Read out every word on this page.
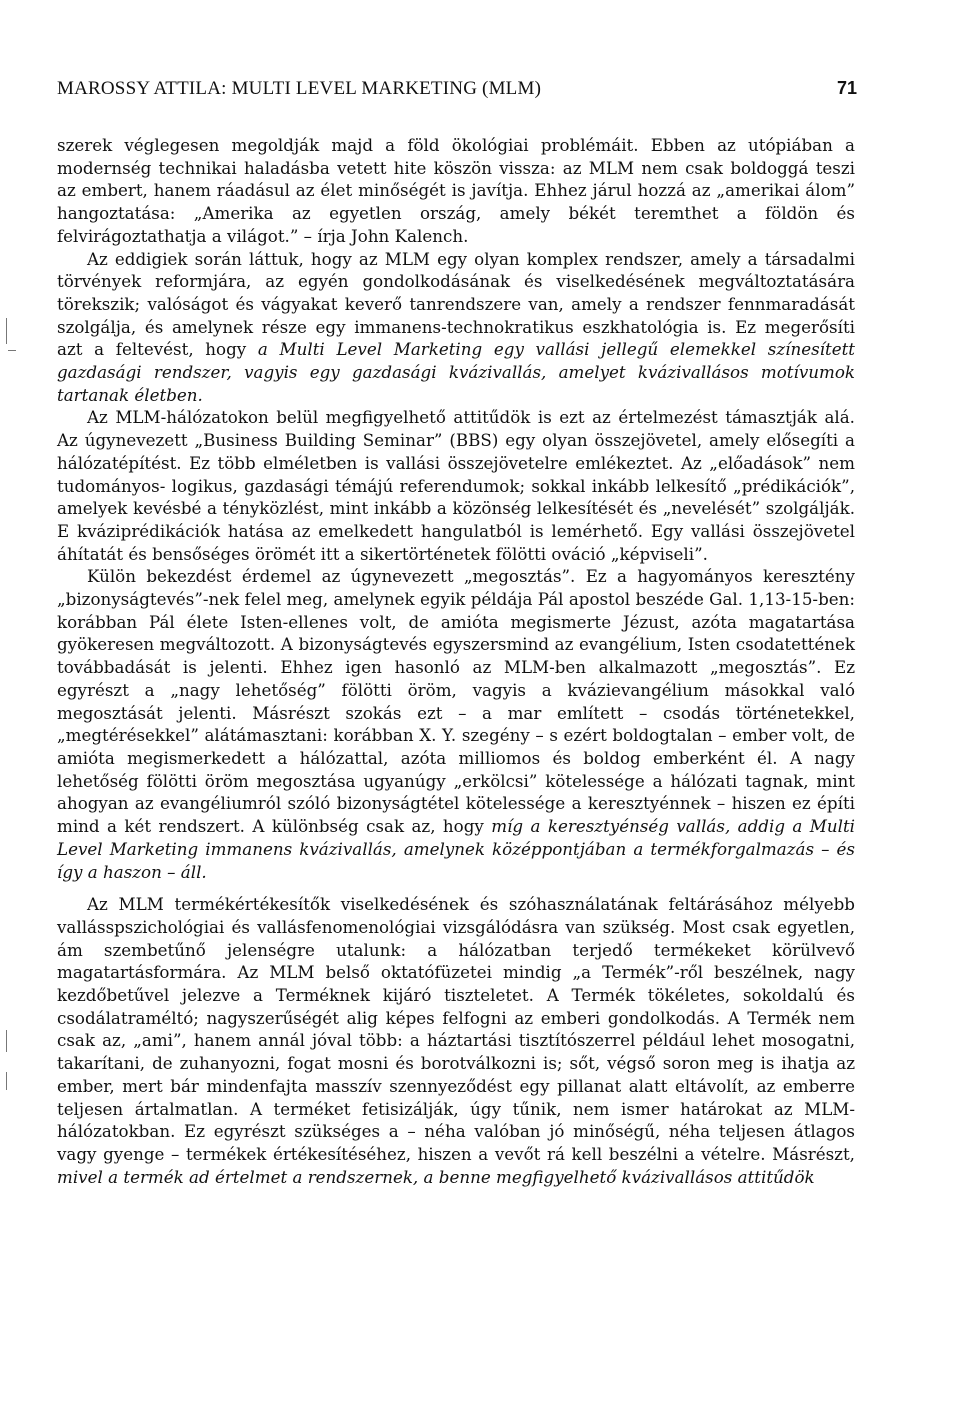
MAROSSY ATTILA: MULTI LEVEL MARKETING (MLM)	71

szerek véglegesen megoldják majd a föld ökológiai problémáit. Ebben az utópiában a modernség technikai haladásba vetett hite köszön vissza: az MLM nem csak boldoggá teszi az embert, hanem ráadásul az élet minőségét is javítja. Ehhez járul hozzá az „amerikai álom” hangoztatása: „Amerika az egyetlen ország, amely békét teremthet a földön és felvirágoztathatja a világot.” – írja John Kalench.

Az eddigiek során láttuk, hogy az MLM egy olyan komplex rendszer, amely a társadalmi törvények reformjára, az egyén gondolkodásának és viselkedésének megváltoztatására törekszik; valóságot és vágyakat keverő tanrendszere van, amely a rendszer fennmaradását szolgálja, és amelynek része egy immanens-technokratikus eszkhatológia is. Ez megerősíti azt a feltevést, hogy a Multi Level Marketing egy vallási jellegű elemekkel színesített gazdasági rendszer, vagyis egy gazdasági kvázivallás, amelyet kvázivallásos motívumok tartanak életben.

Az MLM-hálózatokon belül megfigyelhető attitűdök is ezt az értelmezést támasztják alá. Az úgynevezett „Business Building Seminar” (BBS) egy olyan összejövetel, amely elősegíti a hálózatépítést. Ez több elméletben is vallási összejövetelre emlékeztet. Az „előadások” nem tudományos- logikus, gazdasági témájú referendumok; sokkal inkább lelkesítő „prédikációk”, amelyek kevésbé a tényközlést, mint inkább a közönség lelkesítését és „nevelését” szolgálják. E kváziprédikációk hatása az emelkedett hangulatból is lemérhető. Egy vallási összejövetel áhítatát és bensőséges örömét itt a sikertörténetek fölötti ováció „képviseli”.

Külön bekezdést érdemel az úgynevezett „megosztás”. Ez a hagyományos keresztény „bizonyságtevés”-nek felel meg, amelynek egyik példája Pál apostol beszéde Gal. 1,13-15-ben: korábban Pál élete Isten-ellenes volt, de amióta megismerte Jézust, azóta magatartása gyökeresen megváltozott. A bizonyságtevés egyszersmind az evangélium, Isten csodatettének továbbadását is jelenti. Ehhez igen hasonló az MLM-ben alkalmazott „megosztás”. Ez egyrészt a „nagy lehetőség” fölötti öröm, vagyis a kvázievangélium másokkal való megosztását jelenti. Másrészt szokás ezt – a mar említett – csodás történetekkel, „megtérésekkel” alátámasztani: korábban X. Y. szegény – s ezért boldogtalan – ember volt, de amióta megismerkedett a hálózattal, azóta milliomos és boldog emberként él. A nagy lehetőség fölötti öröm megosztása ugyanúgy „erkölcsi” kötelessége a hálózati tagnak, mint ahogyan az evangéliumról szóló bizonyságtétel kötelessége a keresztyénnek – hiszen ez építi mind a két rendszert. A különbség csak az, hogy míg a keresztyénség vallás, addig a Multi Level Marketing immanens kvázivallás, amelynek középpontjában a termékforgalmazás – és így a haszon – áll.

Az MLM termékértékesítők viselkedésének és szóhasználatának feltárásához mélyebb vallásspszichológiai és vallásfenomenológiai vizsgálódásra van szükség. Most csak egyetlen, ám szembetűnő jelenségre utalunk: a hálózatban terjedő termékeket körülvevő magatartásformára. Az MLM belső oktatófüzetei mindig „a Termék”-ről beszélnek, nagy kezdőbetűvel jelezve a Terméknek kijáró tiszteletet. A Termék tökéletes, sokoldalú és csodálatraméltó; nagyszerűségét alig képes felfogni az emberi gondolkodás. A Termék nem csak az, „ami”, hanem annál jóval több: a háztartási tisztítószerrel például lehet mosogatni, takarítani, de zuhanyozni, fogat mosni és borotválkozni is; sőt, végső soron meg is ihatja az ember, mert bár mindenfajta masszív szennyeződést egy pillanat alatt eltávolít, az emberre teljesen ártalmatlan. A terméket fetisizálják, úgy tűnik, nem ismer határokat az MLM-hálózatokban. Ez egyrészt szükséges a – néha valóban jó minőségű, néha teljesen átlagos vagy gyenge – termékek értékesítéséhez, hiszen a vevőt rá kell beszélni a vételre. Másrészt, mivel a termék ad értelmet a rendszernek, a benne megfigyelhető kvázivallásos attitűdök
